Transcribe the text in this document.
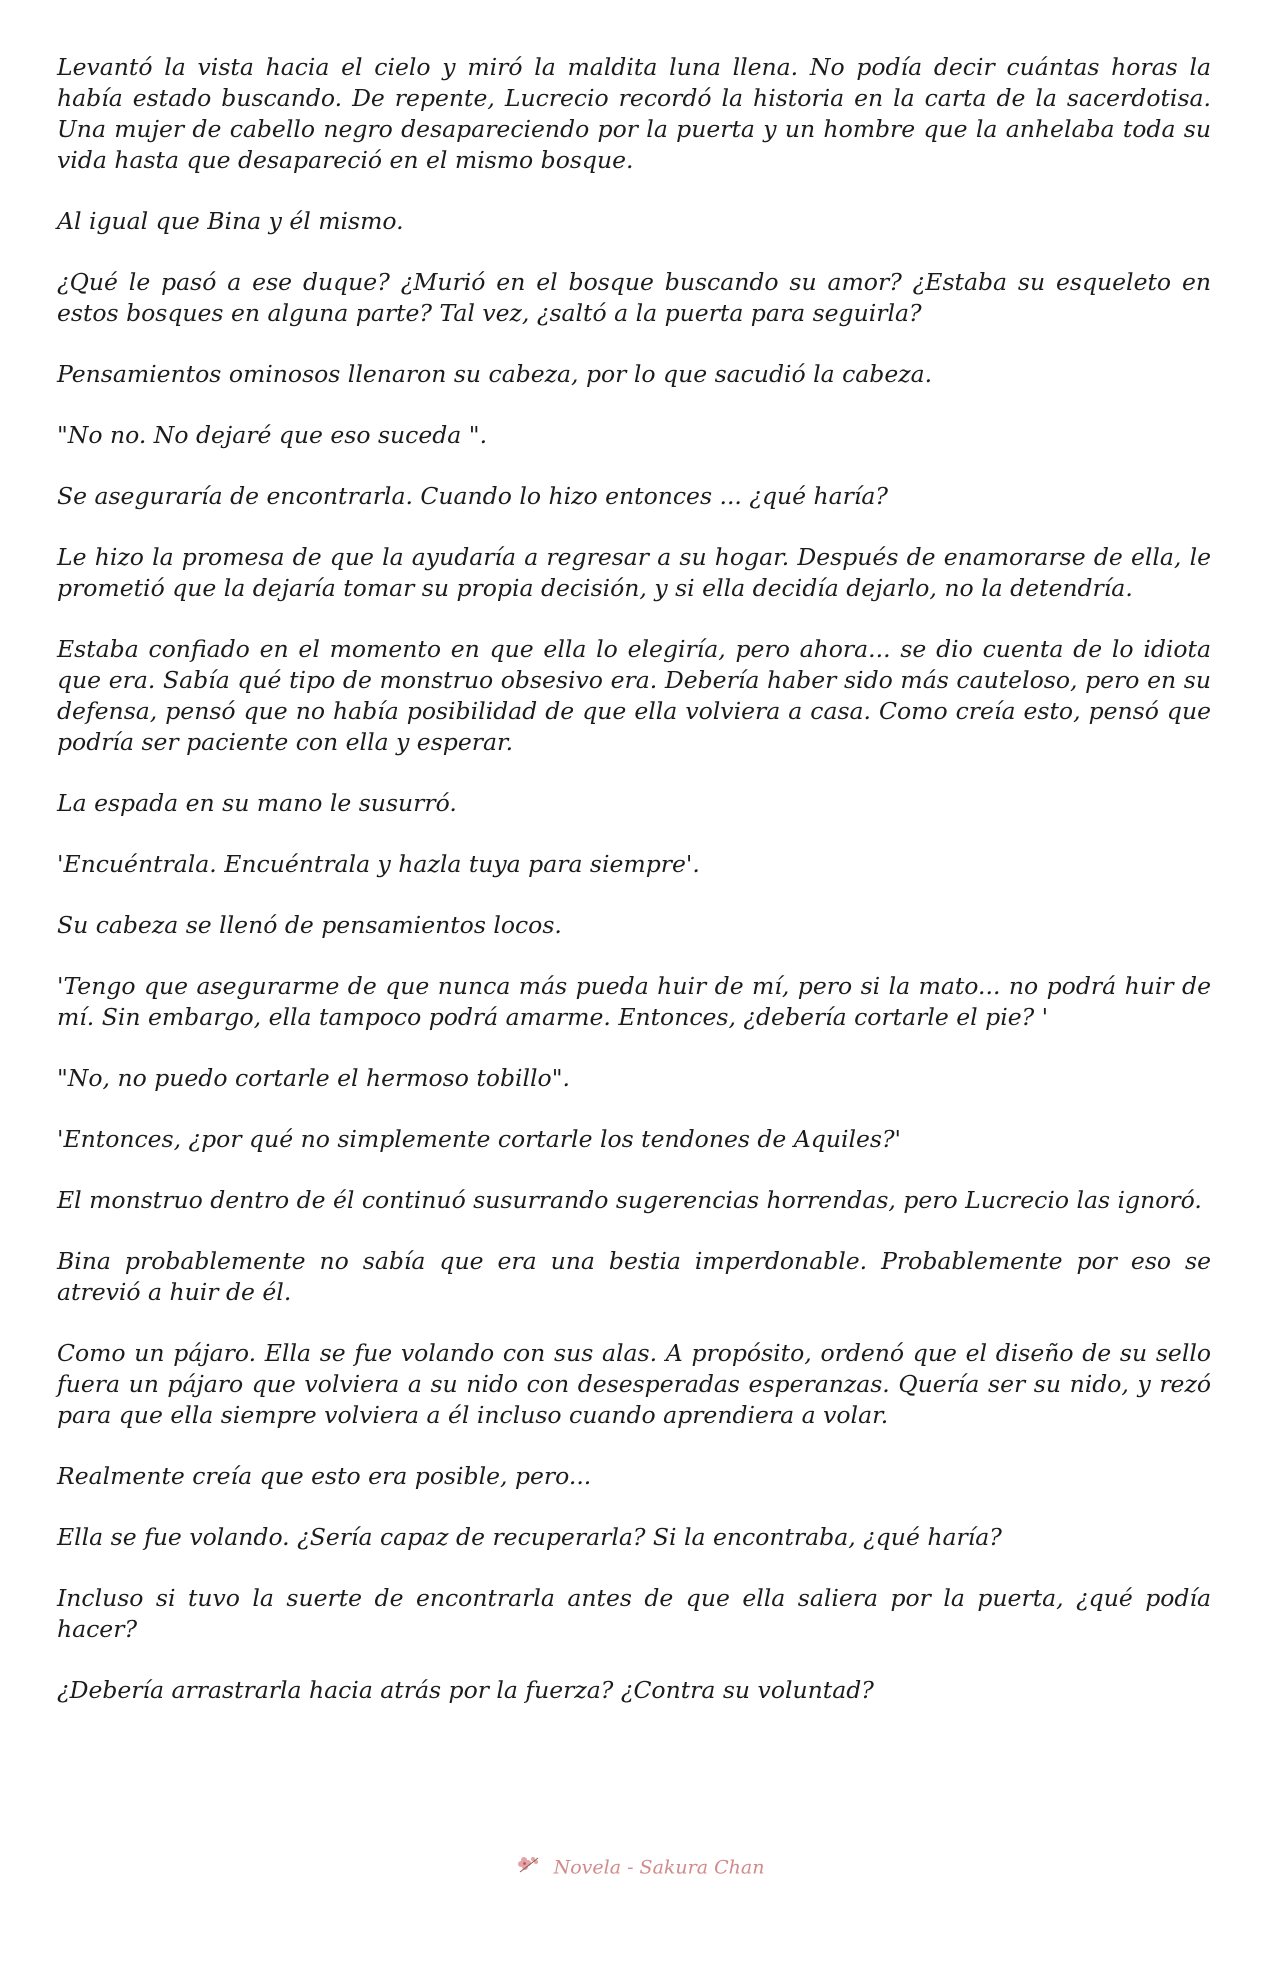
Levantó la vista hacia el cielo y miró la maldita luna llena. No podía decir cuántas horas la había estado buscando. De repente, Lucrecio recordó la historia en la carta de la sacerdotisa. Una mujer de cabello negro desapareciendo por la puerta y un hombre que la anhelaba toda su vida hasta que desapareció en el mismo bosque.

Al igual que Bina y él mismo.

¿Qué le pasó a ese duque? ¿Murió en el bosque buscando su amor? ¿Estaba su esqueleto en estos bosques en alguna parte? Tal vez, ¿saltó a la puerta para seguirla?

Pensamientos ominosos llenaron su cabeza, por lo que sacudió la cabeza.

"No no. No dejaré que eso suceda ".

Se aseguraría de encontrarla. Cuando lo hizo entonces ... ¿qué haría?

Le hizo la promesa de que la ayudaría a regresar a su hogar. Después de enamorarse de ella, le prometió que la dejaría tomar su propia decisión, y si ella decidía dejarlo, no la detendría.

Estaba confiado en el momento en que ella lo elegiría, pero ahora... se dio cuenta de lo idiota que era. Sabía qué tipo de monstruo obsesivo era. Debería haber sido más cauteloso, pero en su defensa, pensó que no había posibilidad de que ella volviera a casa. Como creía esto, pensó que podría ser paciente con ella y esperar.

La espada en su mano le susurró.

'Encuéntrala. Encuéntrala y hazla tuya para siempre'.

Su cabeza se llenó de pensamientos locos.

'Tengo que asegurarme de que nunca más pueda huir de mí, pero si la mato... no podrá huir de mí. Sin embargo, ella tampoco podrá amarme. Entonces, ¿debería cortarle el pie? '

"No, no puedo cortarle el hermoso tobillo".

'Entonces, ¿por qué no simplemente cortarle los tendones de Aquiles?'

El monstruo dentro de él continuó susurrando sugerencias horrendas, pero Lucrecio las ignoró.

Bina probablemente no sabía que era una bestia imperdonable. Probablemente por eso se atrevió a huir de él.

Como un pájaro. Ella se fue volando con sus alas. A propósito, ordenó que el diseño de su sello fuera un pájaro que volviera a su nido con desesperadas esperanzas. Quería ser su nido, y rezó para que ella siempre volviera a él incluso cuando aprendiera a volar.

Realmente creía que esto era posible, pero...

Ella se fue volando. ¿Sería capaz de recuperarla? Si la encontraba, ¿qué haría?

Incluso si tuvo la suerte de encontrarla antes de que ella saliera por la puerta, ¿qué podía hacer?

¿Debería arrastrarla hacia atrás por la fuerza? ¿Contra su voluntad?

Novela - Sakura Chan
